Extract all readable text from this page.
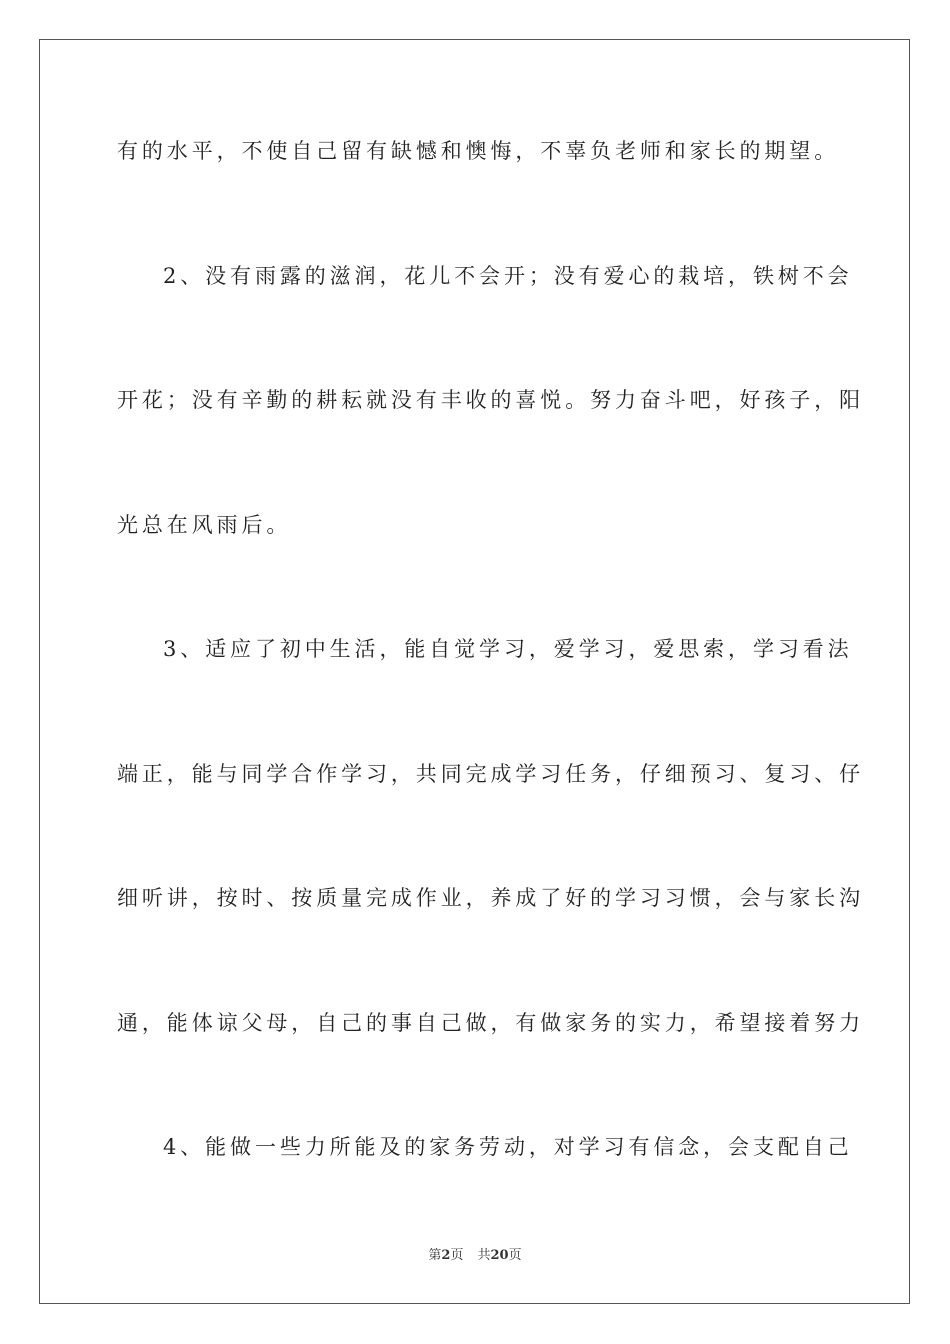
有的水平，不使自己留有缺憾和懊悔，不辜负老师和家长的期望。
2、没有雨露的滋润，花儿不会开；没有爱心的栽培，铁树不会
开花；没有辛勤的耕耘就没有丰收的喜悦。努力奋斗吧，好孩子，阳
光总在风雨后。
3、适应了初中生活，能自觉学习，爱学习，爱思索，学习看法
端正，能与同学合作学习，共同完成学习任务，仔细预习、复习、仔
细听讲，按时、按质量完成作业，养成了好的学习习惯，会与家长沟
通，能体谅父母，自己的事自己做，有做家务的实力，希望接着努力
4、能做一些力所能及的家务劳动，对学习有信念，会支配自己
第2页 共20页
